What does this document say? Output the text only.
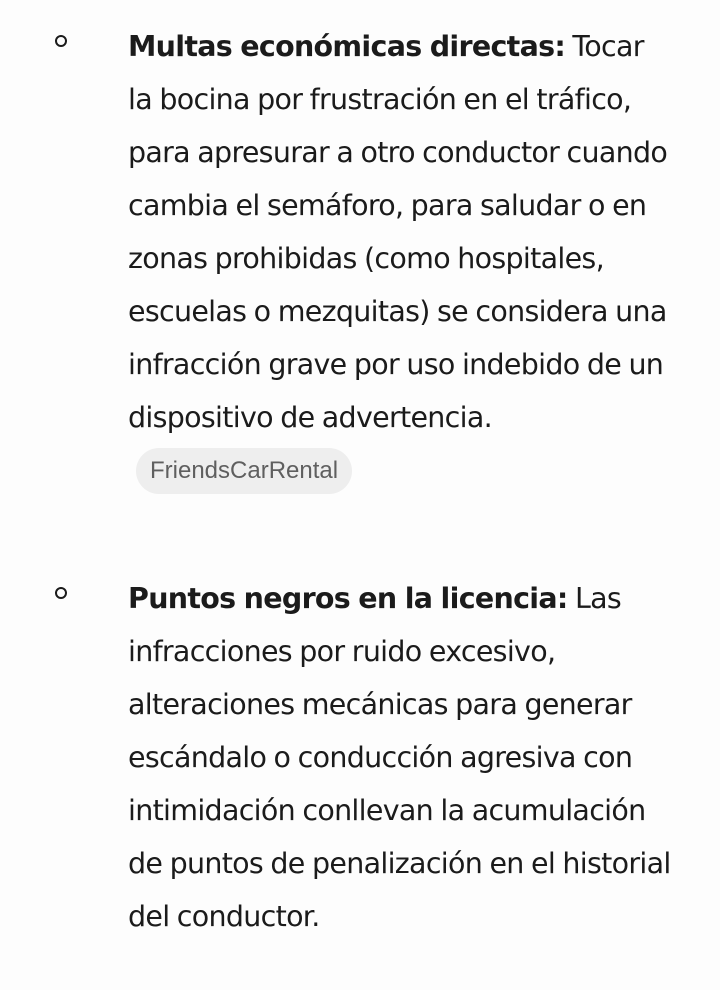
Multas económicas directas: Tocar la bocina por frustración en el tráfico, para apresurar a otro conductor cuando cambia el semáforo, para saludar o en zonas prohibidas (como hospitales, escuelas o mezquitas) se considera una infracción grave por uso indebido de un dispositivo de advertencia.FriendsCarRental

Puntos negros en la licencia: Las infracciones por ruido excesivo, alteraciones mecánicas para generar escándalo o conducción agresiva con intimidación conllevan la acumulación de puntos de penalización en el historial del conductor.
